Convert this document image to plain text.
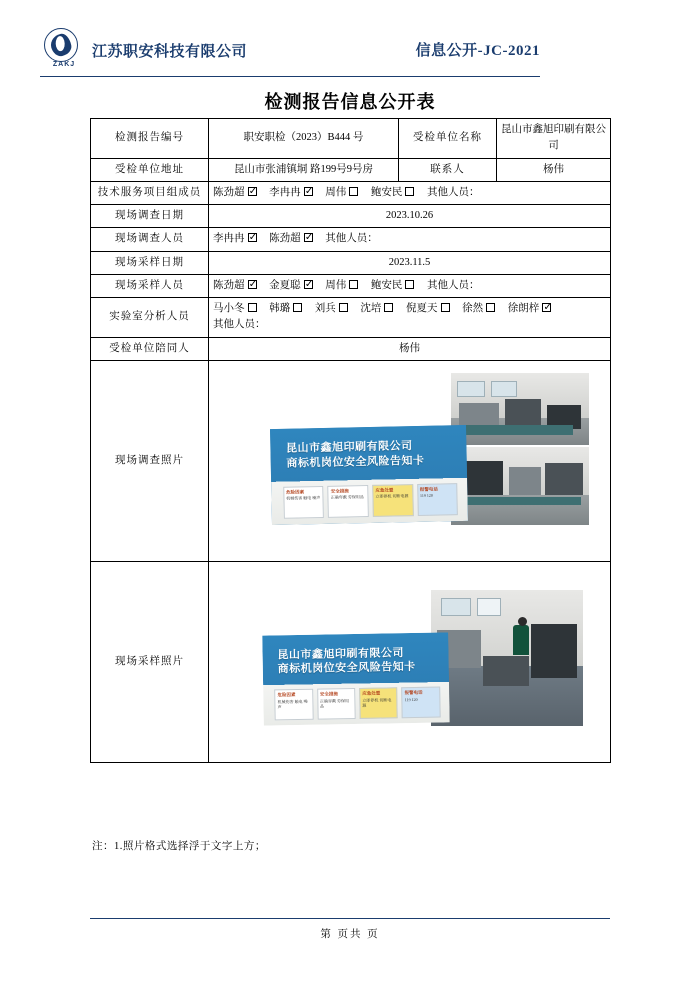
ZAKJ
江苏职安科技有限公司	信息公开-JC-2021
检测报告信息公开表
检测报告编号	职安职检（2023）B444 号	受检单位名称	昆山市鑫旭印刷有限公司
受检单位地址	昆山市张浦镇垌 路199号9号房	联系人	杨伟
技术服务项目组成员	陈劲超 ✓ 李冉冉 ✓ 周伟 鲍安民 其他人员：
现场调查日期	2023.10.26		
现场调查人员	李冉冉 ✓ 陈劲超 ✓ 其他人员：
现场采样日期	2023.11.5		
现场采样人员	陈劲超 ✓ 金夏聪 ✓ 周伟 鲍安民 其他人员：
实验室分析人员	马小冬 韩璐 刘兵 沈培 倪夏天 徐然 徐朗梓✓
其他人员：

受检单位陪同人	杨伟		
现场调查照片	
昆山市鑫旭印刷有限公司
商标机岗位安全风险告知卡
危险因素
机械伤害 触电 噪声
安全措施
正确穿戴 劳保用品
应急处置
立即停机 切断电源
报警电话
119 120

现场采样照片	
昆山市鑫旭印刷有限公司
商标机岗位安全风险告知卡
危险因素
机械伤害 触电 噪声
安全措施
正确穿戴 劳保用品
应急处置
立即停机 切断电源
报警电话
119 120
注：1.照片格式选择浮于文字上方；
第 页共 页
